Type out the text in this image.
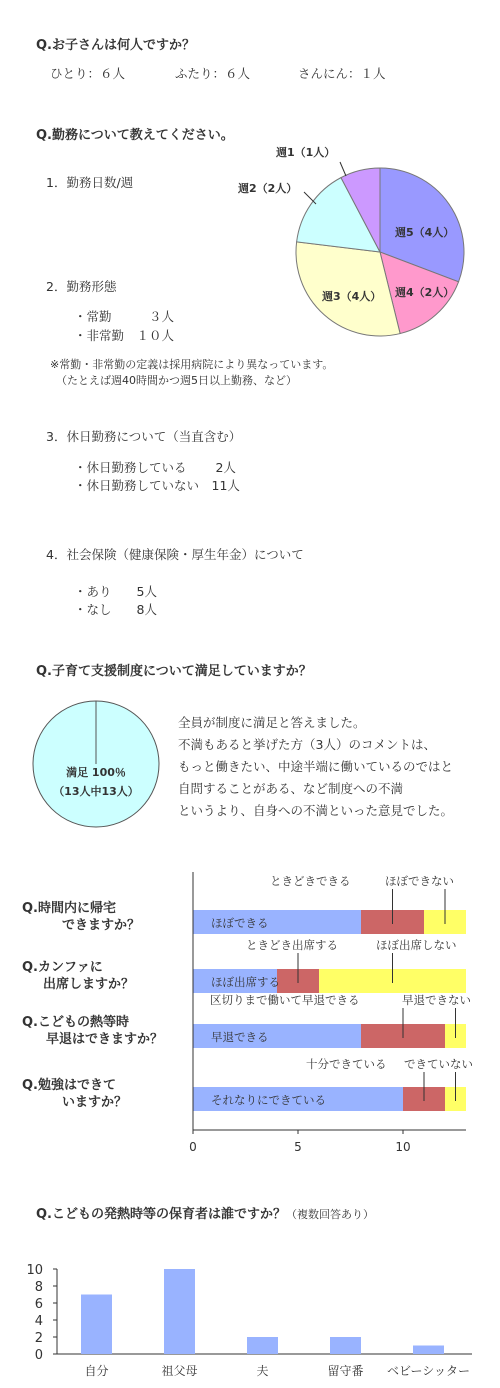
Q.お子さんは何人ですか？
ひとり：６人	ふたり：６人	さんにん：１人
Q.勤務について教えてください。
1．勤務日数/週
週1（1人）
週2（2人）
週5（4人）
週4（2人）
週3（4人）
2．勤務形態
・常勤　　　３人
・非常勤　１０人
※常勤・非常勤の定義は採用病院により異なっています。
（たとえば週40時間かつ週5日以上勤務、など）
3．休日勤務について（当直含む）
・休日勤務している　　 2人
・休日勤務していない　11人
4．社会保険（健康保険・厚生年金）について
・あり　　5人
・なし　　8人
Q.子育て支援制度について満足していますか？
満足 100％
（13人中13人）
全員が制度に満足と答えました。
不満もあると挙げた方（3人）のコメントは、
もっと働きたい、中途半端に働いているのではと
自問することがある、など制度への不満
というより、自身への不満といった意見でした。
Q.時間内に帰宅
できますか？
Q.カンファに
出席しますか？
Q.こどもの熱等時
早退はできますか？
Q.勉強はできて
いますか？
ほぼできる
ときどきできる	ほぼできない
ほぼ出席する
ときどき出席する	ほぼ出席しない
早退できる
区切りまで働いて早退できる	早退できない
それなりにできている
十分できている できていない
0	5	10
Q.こどもの発熱時等の保育者は誰ですか？（複数回答あり）
0
2
4
6
8
10
自分	祖父母	夫	留守番 ベビーシッター
